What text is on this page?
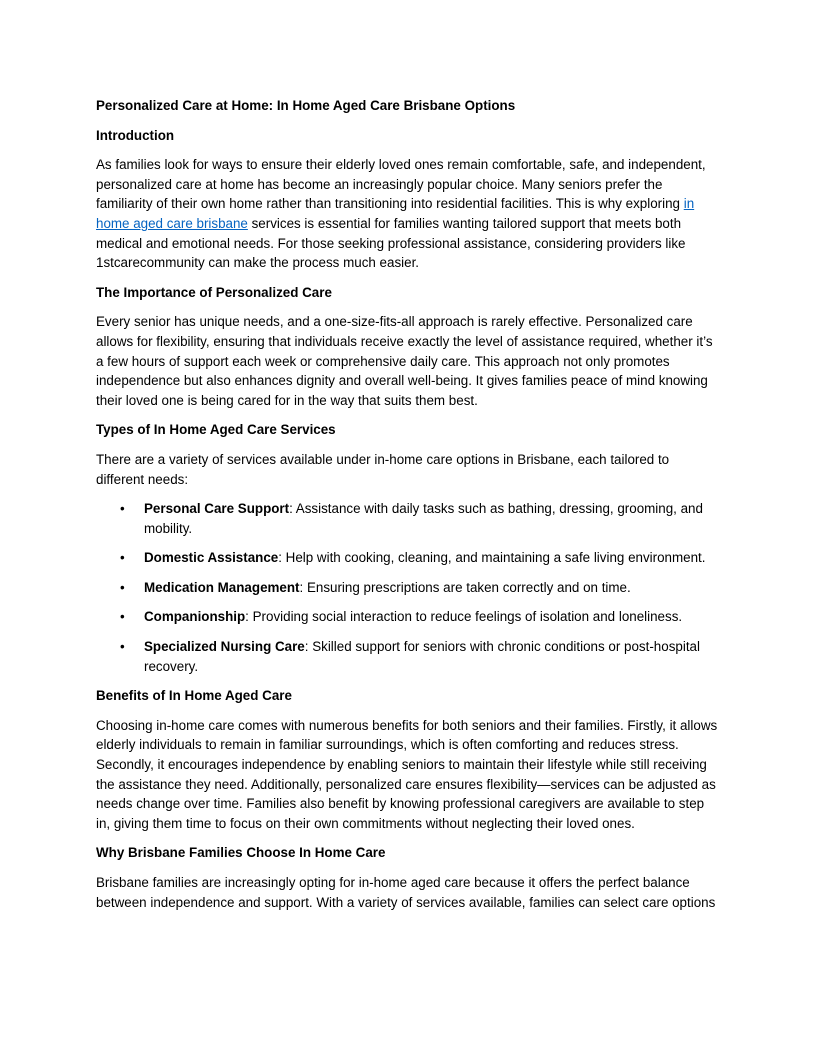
Personalized Care at Home: In Home Aged Care Brisbane Options

Introduction

As families look for ways to ensure their elderly loved ones remain comfortable, safe, and independent, personalized care at home has become an increasingly popular choice. Many seniors prefer the familiarity of their own home rather than transitioning into residential facilities. This is why exploring in home aged care brisbane services is essential for families wanting tailored support that meets both medical and emotional needs. For those seeking professional assistance, considering providers like 1stcarecommunity can make the process much easier.

The Importance of Personalized Care

Every senior has unique needs, and a one-size-fits-all approach is rarely effective. Personalized care allows for flexibility, ensuring that individuals receive exactly the level of assistance required, whether it’s a few hours of support each week or comprehensive daily care. This approach not only promotes independence but also enhances dignity and overall well-being. It gives families peace of mind knowing their loved one is being cared for in the way that suits them best.

Types of In Home Aged Care Services

There are a variety of services available under in-home care options in Brisbane, each tailored to different needs:

• Personal Care Support: Assistance with daily tasks such as bathing, dressing, grooming, and mobility.
• Domestic Assistance: Help with cooking, cleaning, and maintaining a safe living environment.
• Medication Management: Ensuring prescriptions are taken correctly and on time.
• Companionship: Providing social interaction to reduce feelings of isolation and loneliness.
• Specialized Nursing Care: Skilled support for seniors with chronic conditions or post-hospital recovery.

Benefits of In Home Aged Care

Choosing in-home care comes with numerous benefits for both seniors and their families. Firstly, it allows elderly individuals to remain in familiar surroundings, which is often comforting and reduces stress. Secondly, it encourages independence by enabling seniors to maintain their lifestyle while still receiving the assistance they need. Additionally, personalized care ensures flexibility—services can be adjusted as needs change over time. Families also benefit by knowing professional caregivers are available to step in, giving them time to focus on their own commitments without neglecting their loved ones.

Why Brisbane Families Choose In Home Care

Brisbane families are increasingly opting for in-home aged care because it offers the perfect balance between independence and support. With a variety of services available, families can select care options
